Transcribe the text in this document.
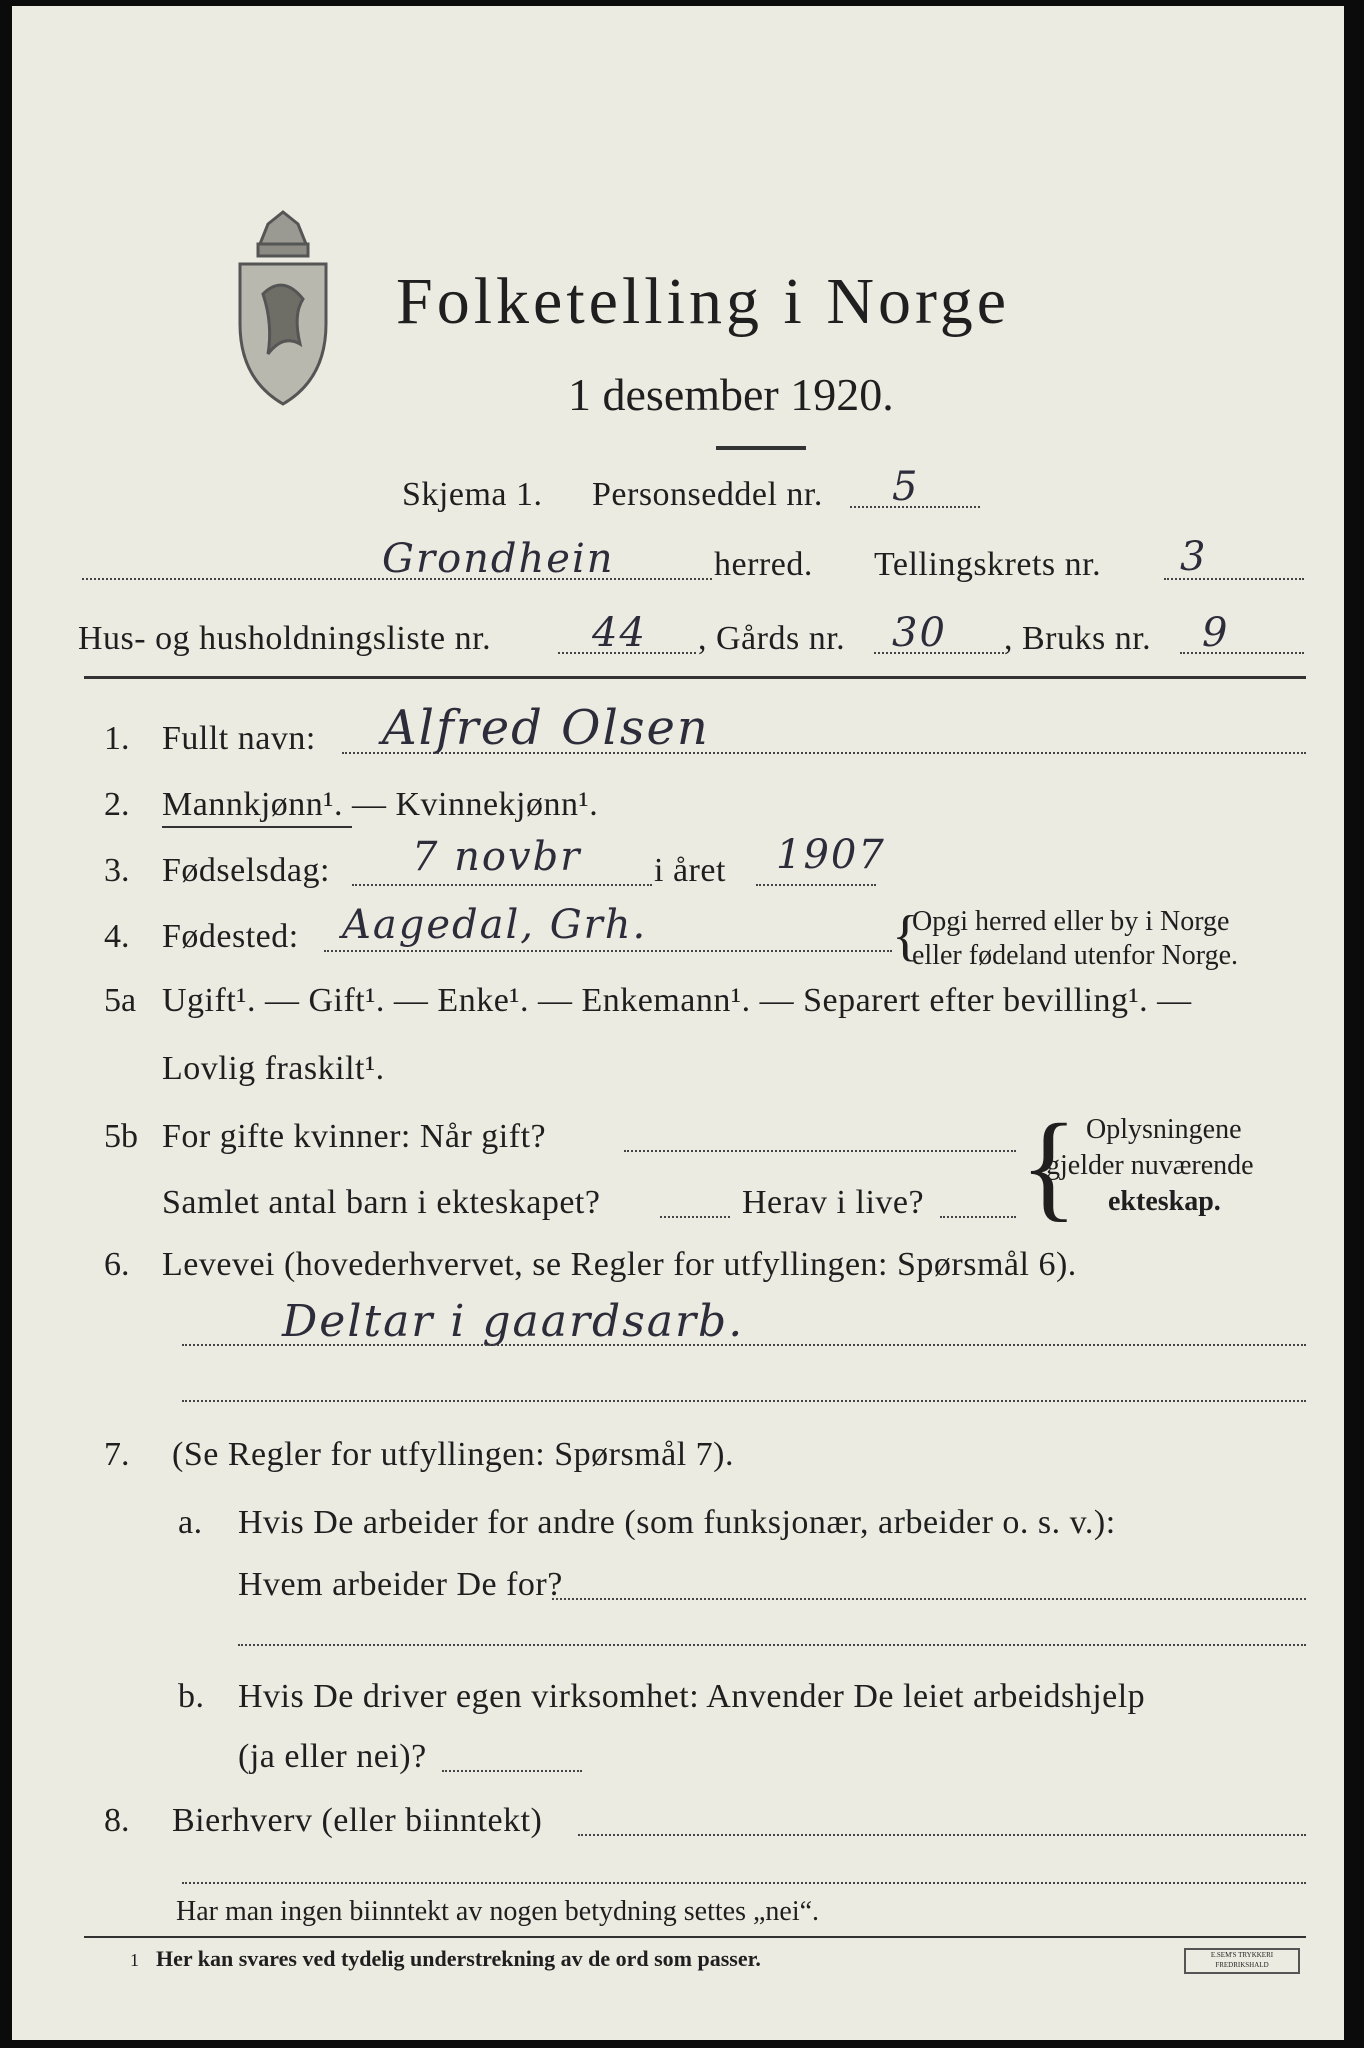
Folketelling i Norge
1 desember 1920.
Skjema 1. Personseddel nr. 5
Grondhein	herred. Tellingskrets nr. 3
Hus- og husholdningsliste nr.	44 , Gårds nr. 30 , Bruks nr. 9
1. Fullt navn: Alfred Olsen
2. Mannkjønn¹. — Kvinnekjønn¹.
3. Fødselsdag: 7 novbr i året 1907
4. Fødested: Aagedal, Grh.	{
Opgi herred eller by i Norge
eller fødeland utenfor Norge.
5a Ugift¹. — Gift¹. — Enke¹. — Enkemann¹. — Separert efter bevilling¹. —
Lovlig fraskilt¹.
5b For gifte kvinner: Når gift?
Samlet antal barn i ekteskapet?	Herav i live? { Oplysningene
gjelder nuværende
ekteskap.
6. Levevei (hovederhvervet, se Regler for utfyllingen: Spørsmål 6).
Deltar i gaardsarb.
7. (Se Regler for utfyllingen: Spørsmål 7).
a. Hvis De arbeider for andre (som funksjonær, arbeider o. s. v.):
Hvem arbeider De for?
b. Hvis De driver egen virksomhet: Anvender De leiet arbeidshjelp
(ja eller nei)?
8. Bierhverv (eller biinntekt)
Har man ingen biinntekt av nogen betydning settes „nei“.
1 Her kan svares ved tydelig understrekning av de ord som passer.	E.SEM'S TRYKKERI FREDRIKSHALD
